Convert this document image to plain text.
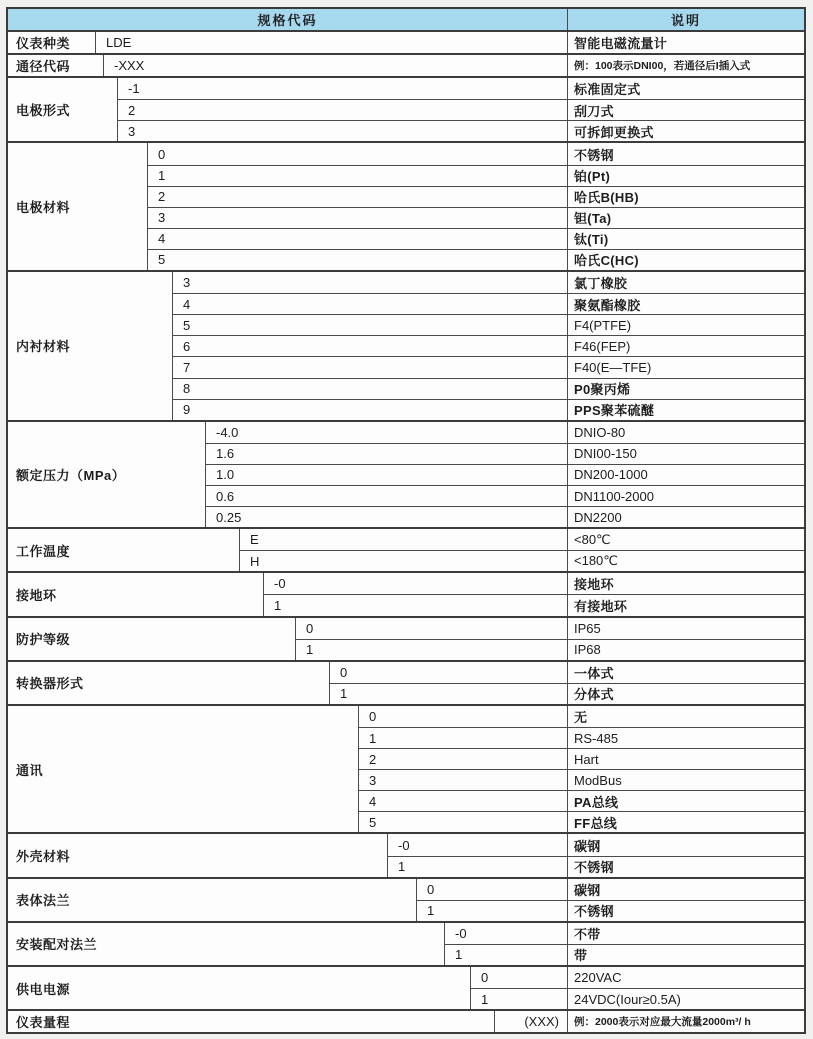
规格代码	说明
仪表种类	LDE	智能电磁流量计
通径代码	-XXX	例：100表示DNI00，若通径后I插入式
电极形式
-1	标准固定式
2	刮刀式
3	可拆卸更换式
电极材料
0	不锈钢
1	铂(Pt)
2	哈氏B(HB)
3	钽(Ta)
4	钛(Ti)
5	哈氏C(HC)
内衬材料
3	氯丁橡胶
4	聚氨酯橡胶
5	F4(PTFE)
6	F46(FEP)
7	F40(E—TFE)
8	P0聚丙烯
9	PPS聚苯硫醚
额定压力（MPa）
-4.0	DNIO-80
1.6	DNI00-150
1.0	DN200-1000
0.6	DN1100-2000
0.25	DN2200
工作温度
E	<80℃
H	<180℃
接地环
-0	接地环
1	有接地环
防护等级
0	IP65
1	IP68
转换器形式
0	一体式
1	分体式
通讯
0	无
1	RS-485
2	Hart
3	ModBus
4	PA总线
5	FF总线
外壳材料
-0	碳钢
1	不锈钢
表体法兰
0	碳钢
1	不锈钢
安装配对法兰
-0	不带
1	带
供电电源
0	220VAC
1	24VDC(Iour≥0.5A)
仪表量程	(XXX)	例：2000表示对应最大流量2000m³/ h
